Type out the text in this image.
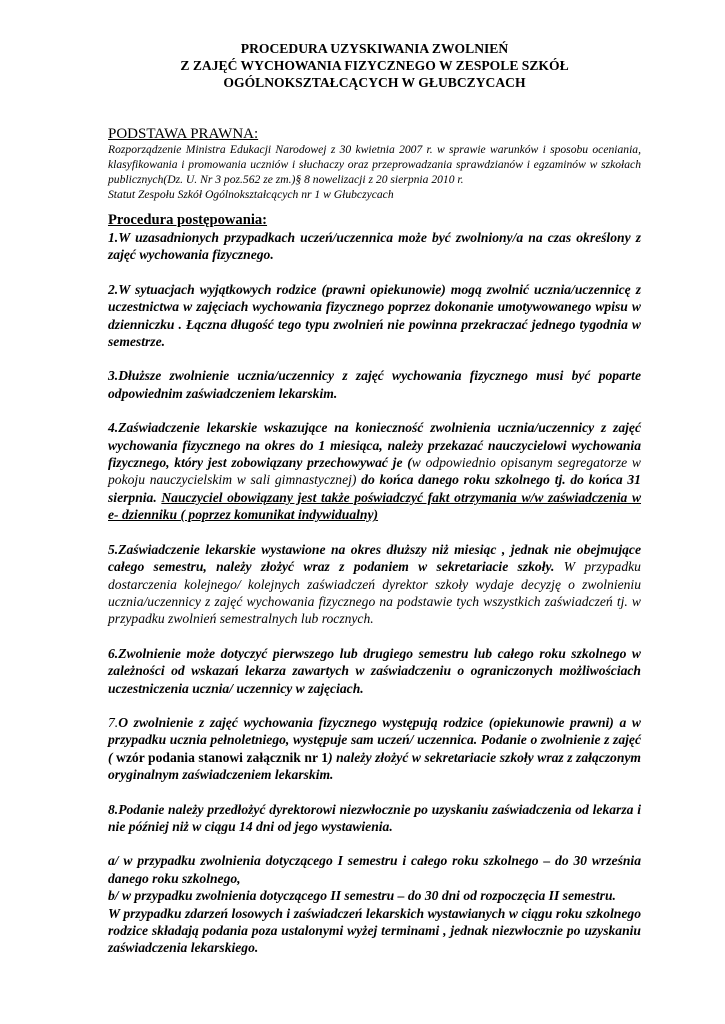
PROCEDURA UZYSKIWANIA ZWOLNIEŃ
Z ZAJĘĆ WYCHOWANIA FIZYCZNEGO W ZESPOLE SZKÓŁ
OGÓLNOKSZTAŁCĄCYCH W GŁUBCZYCACH
PODSTAWA PRAWNA:
Rozporządzenie Ministra Edukacji Narodowej z 30 kwietnia 2007 r. w sprawie warunków i sposobu oceniania, klasyfikowania i promowania uczniów i słuchaczy oraz przeprowadzania sprawdzianów i egzaminów w szkołach publicznych(Dz. U. Nr 3 poz.562 ze zm.)§ 8 nowelizacji z 20 sierpnia 2010 r.
Statut Zespołu Szkół Ogólnokształcących nr 1 w Głubczycach
Procedura postępowania:

1.W uzasadnionych przypadkach uczeń/uczennica może być zwolniony/a na czas określony z zajęć wychowania fizycznego.

2.W sytuacjach wyjątkowych rodzice (prawni opiekunowie) mogą zwolnić ucznia/uczennicę z uczestnictwa w zajęciach wychowania fizycznego poprzez dokonanie umotywowanego wpisu w dzienniczku . Łączna długość tego typu zwolnień nie powinna przekraczać jednego tygodnia w semestrze.

3.Dłuższe zwolnienie ucznia/uczennicy z zajęć wychowania fizycznego musi być poparte odpowiednim zaświadczeniem lekarskim.

4.Zaświadczenie lekarskie wskazujące na konieczność zwolnienia ucznia/uczennicy z zajęć wychowania fizycznego na okres do 1 miesiąca, należy przekazać nauczycielowi wychowania fizycznego, który jest zobowiązany przechowywać je (w odpowiednio opisanym segregatorze w pokoju nauczycielskim w sali gimnastycznej) do końca danego roku szkolnego tj. do końca 31 sierpnia. Nauczyciel obowiązany jest także poświadczyć fakt otrzymania w/w zaświadczenia w e- dzienniku ( poprzez komunikat indywidualny)

5.Zaświadczenie lekarskie wystawione na okres dłuższy niż miesiąc , jednak nie obejmujące całego semestru, należy złożyć wraz z podaniem w sekretariacie szkoły. W przypadku dostarczenia kolejnego/ kolejnych zaświadczeń dyrektor szkoły wydaje decyzję o zwolnieniu ucznia/uczennicy z zajęć wychowania fizycznego na podstawie tych wszystkich zaświadczeń tj. w przypadku zwolnień semestralnych lub rocznych.

6.Zwolnienie może dotyczyć pierwszego lub drugiego semestru lub całego roku szkolnego w zależności od wskazań lekarza zawartych w zaświadczeniu o ograniczonych możliwościach uczestniczenia ucznia/ uczennicy w zajęciach.

7.O zwolnienie z zajęć wychowania fizycznego występują rodzice (opiekunowie prawni) a w przypadku ucznia pełnoletniego, występuje sam uczeń/ uczennica. Podanie o zwolnienie z zajęć ( wzór podania stanowi załącznik nr 1) należy złożyć w sekretariacie szkoły wraz z załączonym oryginalnym zaświadczeniem lekarskim.

8.Podanie należy przedłożyć dyrektorowi niezwłocznie po uzyskaniu zaświadczenia od lekarza i nie później niż w ciągu 14 dni od jego wystawienia.

a/ w przypadku zwolnienia dotyczącego I semestru i całego roku szkolnego – do 30 września danego roku szkolnego,
b/ w przypadku zwolnienia dotyczącego II semestru – do 30 dni od rozpoczęcia II semestru.
W przypadku zdarzeń losowych i zaświadczeń lekarskich wystawianych w ciągu roku szkolnego rodzice składają podania poza ustalonymi wyżej terminami , jednak niezwłocznie po uzyskaniu zaświadczenia lekarskiego.
